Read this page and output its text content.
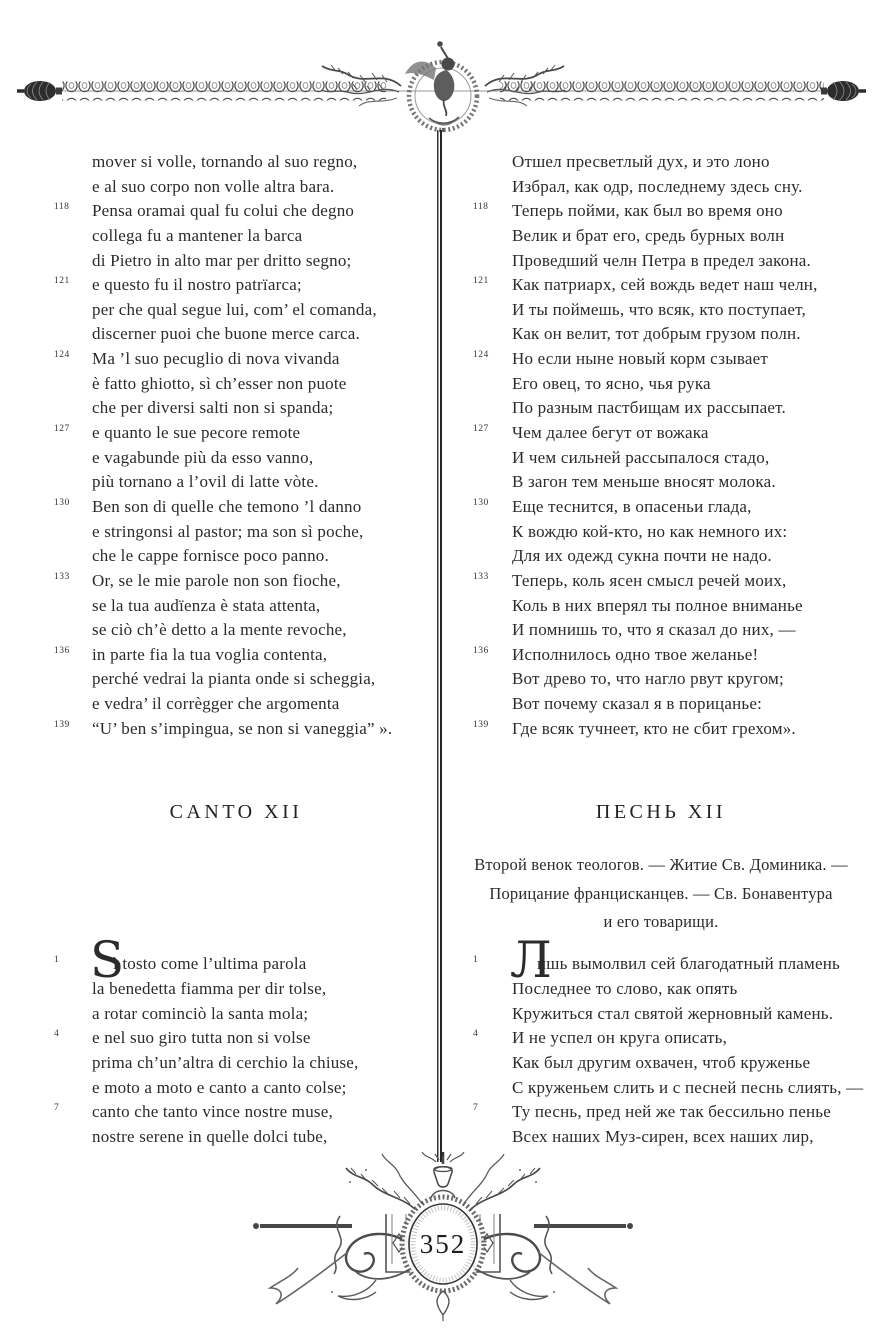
mover si volle, tornando al suo regno,
e al suo corpo non volle altra bara.
118	Pensa oramai qual fu colui che degno
collega fu a mantener la barca
di Pietro in alto mar per dritto segno;
121	e questo fu il nostro patrïarca;
per che qual segue lui, com’ el comanda,
discerner puoi che buone merce carca.
124	Ma ’l suo pecuglio di nova vivanda
è fatto ghiotto, sì ch’esser non puote
che per diversi salti non si spanda;
127	e quanto le sue pecore remote
e vagabunde più da esso vanno,
più tornano a l’ovil di latte vòte.
130	Ben son di quelle che temono ’l danno
e stringonsi al pastor; ma son sì poche,
che le cappe fornisce poco panno.
133	Or, se le mie parole non son fioche,
se la tua audïenza è stata attenta,
se ciò ch’è detto a la mente revoche,
136	in parte fia la tua voglia contenta,
perché vedrai la pianta onde si scheggia,
e vedra’ il corrègger che argomenta
139	“U’ ben s’impingua, se non si vaneggia” ».
CANTO XII
1 S
ì tosto come l’ultima parola
la benedetta fiamma per dir tolse,
a rotar cominciò la santa mola;
4	e nel suo giro tutta non si volse
prima ch’un’altra di cerchio la chiuse,
e moto a moto e canto a canto colse;
7	canto che tanto vince nostre muse,
nostre serene in quelle dolci tube,
Отшел пресветлый дух, и это лоно
Избрал, как одр, последнему здесь сну.
118	Теперь пойми, как был во время оно
Велик и брат его, средь бурных волн
Проведший челн Петра в предел закона.
121	Как патриарх, сей вождь ведет наш челн,
И ты поймешь, что всяк, кто поступает,
Как он велит, тот добрым грузом полн.
124	Но если ныне новый корм сзывает
Его овец, то ясно, чья рука
По разным пастбищам их рассыпает.
127	Чем далее бегут от вожака
И чем сильней рассыпалося стадо,
В загон тем меньше вносят молока.
130	Еще теснится, в опасеньи глада,
К вождю кой-кто, но как немного их:
Для их одежд сукна почти не надо.
133	Теперь, коль ясен смысл речей моих,
Коль в них вперял ты полное вниманье
И помнишь то, что я сказал до них, —
136	Исполнилось одно твое желанье!
Вот древо то, что нагло рвут кругом;
Вот почему сказал я в порицанье:
139	Где всяк тучнеет, кто не сбит грехом».
ПЕСНЬ XII
Второй венок теологов. — Житие Св. Доминика. —
Порицание францисканцев. — Св. Бонавентура
и его товарищи.
1 Л
ишь вымолвил сей благодатный пламень
Последнее то слово, как опять
Кружиться стал святой жерновный камень.
4	И не успел он круга описать,
Как был другим охвачен, чтоб круженье
С круженьем слить и с песней песнь слиять, —
7	Ту песнь, пред ней же так бессильно пенье
Всех наших Муз-сирен, всех наших лир,
352
